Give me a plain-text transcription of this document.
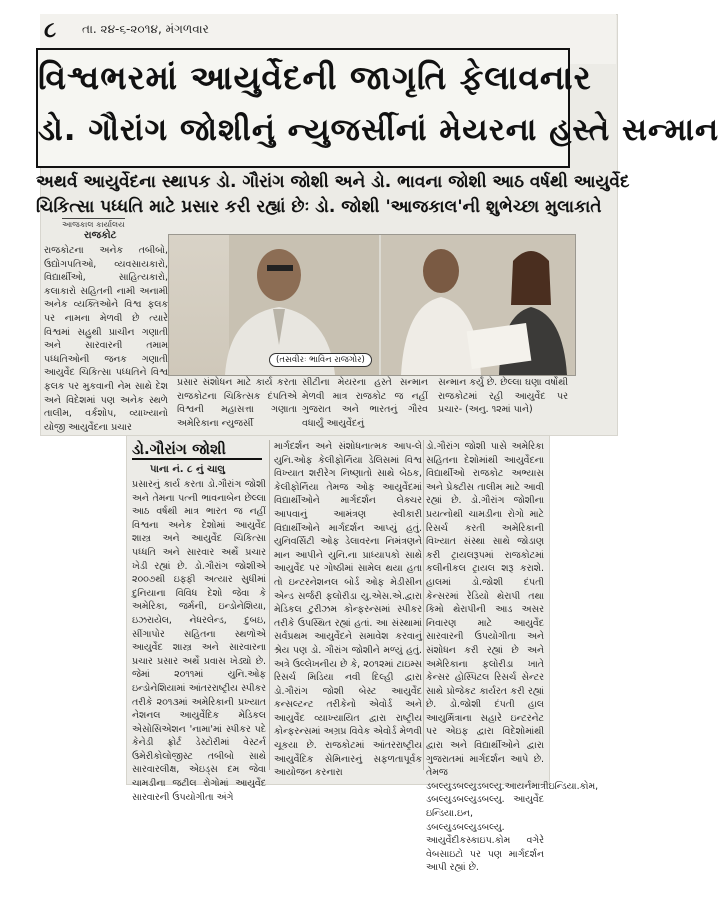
૮ તા. ૨૪-૬-૨૦૧૪, મંગળવાર
વિશ્વભરમાં આયુર્વેદની જાગૃતિ ફેલાવનાર
ડો. ગૌરાંગ જોશીનું ન્યુજર્સીનાં મેયરના હસ્તે સન્માન
અથર્વ આયુર્વેદના સ્થાપક ડો. ગૌરાંગ જોશી અને ડો. ભાવના જોશી આઠ વર્ષથી આયુર્વેદ
ચિકિત્સા પધ્ધતિ માટે પ્રસાર કરી રહ્યાં છેઃ ડો. જોશી 'આજકાલ'ની શુભેચ્છા મુલાકાતે
આજકાલ કાર્યાલય
રાજકોટ
રાજકોટના અનેક તબીબો, ઉદ્યોગપતિઓ, વ્યવસાયકારો, વિદ્યાર્થીઓ, સાહિત્યકારો, કલાકારો સહિતની નામી અનામી અનેક વ્યક્તિઓને વિશ્વ ફલક પર નામના મેળવી છે ત્યારે વિશ્વમાં સહુથી પ્રાચીન ગણાતી અને સારવારની તમામ પધ્ધતિઓની જનક ગણાતી આયુર્વેદ ચિકિત્સા પધ્ધતિને વિશ્વ ફલક પર મુકવાની નેમ સાથે દેશ અને વિદેશમાં પણ અનેક સ્થળે તાલીમ, વર્કશોપ, વ્યાખ્યાનો યોજી આયુર્વેદના પ્રચાર
(તસવીરઃ ભાવિન રાજગોર)
પ્રસાર સંશોધન માટે કાર્ય કરતા રાજકોટના ચિકિત્સક દંપતિએ વિશ્વની મહાસત્તા ગણાતા અમેરિકાના ન્યુજર્સી
સીટીના મેયરના હસ્તે સન્માન મેળવી માત્ર રાજકોટ જ નહીં ગુજરાત અને ભારતનું ગૌરવ વધાર્યું આયુર્વેદનું
સન્માન કર્યું છે. છેલ્લા ઘણા વર્ષોથી રાજકોટમાં રહી આયુર્વેદ પર પ્રચાર- (અનુ. ૧૨માં પાને)
ડો.ગૌરાંગ જોશી
પાના નં. ૮ નું ચાલુ
પ્રસારનું કાર્ય કરતા ડો.ગૌરાંગ જોશી અને તેમના પત્ની ભાવનાબેન છેલ્લા આઠ વર્ષથી માત્ર ભારત જ નહીં વિશ્વના અનેક દેશોમાં આયુર્વેદ શાસ્ત્ર અને આયુર્વેદ ચિકિત્સા પધ્ધતિ અને સારવાર અર્થે પ્રચાર ખેડી રહ્યાં છે. ડો.ગૌરાંગ જોશીએ ૨૦૦૭થી ઇફ્ફી અત્યાર સુધીમાં દુનિયાના વિવિધ દેશો જેવા કે અમેરિકા, જર્મની, ઇન્ડોનેશિયા, ઇઝરાયેલ, નેધરલેન્ડ, દુબઇ, સીંગાપોર સહિતના સ્થળોએ આયુર્વેદ શાસ્ત્ર અને સારવારના પ્રચાર પ્રસાર અર્થે પ્રવાસ ખેડ્યો છે. જેમાં ૨૦૧૧માં યુનિ.ઓફ ઇન્ડોનેશિયામાં આંતરરાષ્ટ્રીય સ્પીકર તરીકે ૨૦૧૩માં અમેરિકાની પ્રખ્યાત નેશનલ આયુર્વેદિક મેડિકલ એસોસિએશન 'નામા'માં સ્પીકર પદે કેનેડી ફ્રોર્ટ ડેસ્ટોરીમાં વેસ્ટર્ન ઉમેરીકોલોજીસ્ટ તબીબો સાથે સારવારલીક્ષ, એઇડ્સ દમ જેવા ચામડીના જટીલ રોગોમાં આયુર્વેદ સારવારની ઉપયોગીતા અંગે
માર્ગદર્શન અને સંશોધનાત્મક આપ-લે યુનિ.ઓફ કેલીફોર્નિયા ડેલિસમાં વિશ્વ વિખ્યાત શરીરેગ નિષ્ણાતો સાથે બેઠક, કેલીફોર્નિયા તેમજ ઓફ આયુર્વેદમાં વિદ્યાર્થીઓને માર્ગદર્શન લેક્ચર આપવાનું આમંત્રણ સ્વીકારી વિદ્યાર્થીઓને માર્ગદર્શન આપ્યું હતું. યુનિવર્સિટી ઓફ ડેલાવરના નિમંત્રણને માન આપીને યુનિ.ના પ્રાધ્યાપકો સાથે આયુર્વેદ પર ગોષ્ઠીમાં સામેલ થયા હતા તો ઇન્ટરનેશનલ બોર્ડ ઓફ મેડીસીન એન્ડ સર્જરી ફલોરીડા યુ.એસ.એ.દ્વારા મેડિકલ ટુરીઝમ કોન્ફરન્સમાં સ્પીકર તરીકે ઉપસ્થિત રહ્યાં હતાં. આ સંસ્થામાં સર્વપ્રથમ આયુર્વેદને સમાવેશ કરવાનું શ્રેય પણ ડો. ગૌરાંગ જોશીને મળ્યું હતું. અત્રે ઉલ્લેખનીય છે કે, ૨૦૧૨માં ટાઇમ્સ રિસર્ચ મિડિયા નવી દિલ્હી દ્વારા ડો.ગૌરાંગ જોશી બેસ્ટ આયુર્વેદ કન્સલ્ટન્ટ તરીકેનો એવોર્ડ અને આયુર્વેદ વ્યાખ્યાયિત દ્વારા રાષ્ટ્રીય કોન્ફરન્સમાં અગ્રપ્ર વિવેક એવોર્ડ મેળવી ચૂકયા છે. રાજકોટમાં આંતરરાષ્ટ્રીય આયુર્વેદિક સેમિનારનું સફળતાપૂર્વક આયોજન કરનારા
ડો.ગૌરાંગ જોશી પાસે અમેરિકા સહિતના દેશોમાંથી આયુર્વેદના વિદ્યાર્થીઓ રાજકોટ અભ્યાસ અને પ્રેક્ટીસ તાલીમ માટે આવી રહ્યાં છે. ડો.ગૌરાંગ જોશીના પ્રયત્નોથી ચામડીના રોગો માટે રિસર્ચ કરતી અમેરિકાની વિખ્યાત સંસ્થા સાથે જોડાણ કરી ટ્રાયલરૂપમાં રાજકોટમાં કલીનીકલ ટ્રાયલ શરૂ કરાશે. હાલમાં ડો.જોશી દંપતી કેન્સરમાં રેડિયો થેરાપી તથા કિમો થેરાપીની આડ અસર નિવારણ માટે આયુર્વેદ સારવારની ઉપયોગીતા અને સંશોધન કરી રહ્યાં છે અને અમેરિકાના ફલોરીડા ખાતે કેન્સર હોસ્પિટલ રિસર્ચ સેન્ટર સાથે પ્રોજેકટ કાર્યરત કરી રહ્યાં છે. ડો.જોશી દંપતી હાલ આયુર્મિત્રાના સહારે ઇન્ટરનેટ પર એઇફ દ્વારા વિદેશોમાંથી દ્વારા અને વિદ્યાર્થીઓને દ્વારા ગુજરાતમાં માર્ગદર્શન આપે છે. તેમજ ડબલ્યુડબલ્યુડબલ્યુ.આયર્નમાત્રીઇન્ડિયા.કોમ, ડબલ્યુડબલ્યુડબલ્યુ. આયુર્વેદ ઇન્ડિયા.ઇન, ડબલ્યુડબલ્યુડબલ્યુ. આયુર્વેદીકસ્કાઇપ.કોમ વગેરે વેબસાઇટો પર પણ માર્ગદર્શન આપી રહ્યાં છે.
